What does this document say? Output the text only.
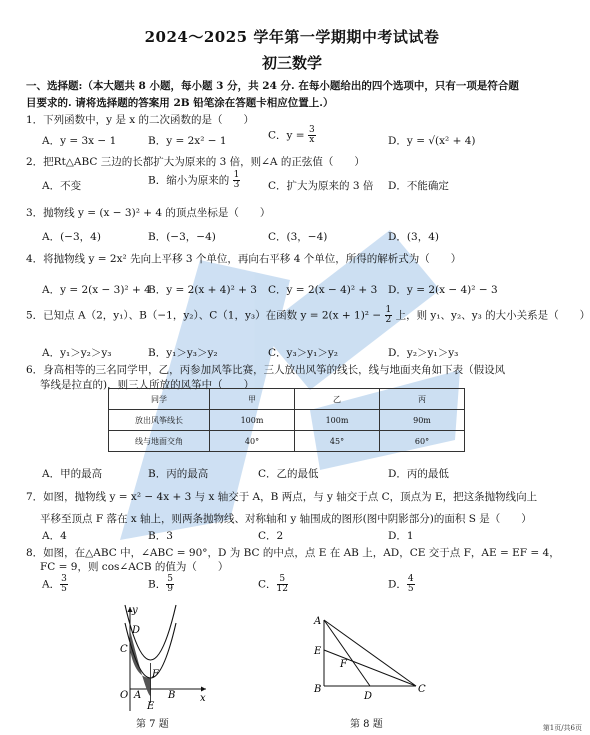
2024～2025 学年第一学期期中考试试卷
初三数学
一、选择题:（本大题共 8 小题，每小题 3 分，共 24 分. 在每小题给出的四个选项中，只有一项是符合题
目要求的. 请将选择题的答案用 2B 铅笔涂在答题卡相应位置上.）
1．下列函数中，y 是 x 的二次函数的是（　　）
A．y = 3x − 1	B．y = 2x² − 1	C．$y = \frac{3}{x}$	D．y = √(x² + 4)
2．把Rt△ABC 三边的长都扩大为原来的 3 倍，则∠A 的正弦值（　　）
A．不变	B．缩小为原来的 $\frac{1}{3}$	C．扩大为原来的 3 倍 D．不能确定
3．抛物线 y = (x − 3)² + 4 的顶点坐标是（　　）
A．(−3，4)	B．(−3，−4)	C．(3，−4)	D．(3，4)
4．将抛物线 y = 2x² 先向上平移 3 个单位，再向右平移 4 个单位，所得的解析式为（　　）
A．y = 2(x − 3)² + 4
B．y = 2(x + 4)² + 3 C．y = 2(x − 4)² + 3 D．y = 2(x − 4)² − 3
5．已知点 A（2，y₁）、B（−1，y₂）、C（1，y₃）在函数 $y = 2(x + 1)^2 - \frac{1}{2}$ 上，则 y₁、y₂、y₃ 的大小关系是（　　）
A．y₁＞y₂＞y₃	B．y₁＞y₃＞y₂	C．y₃＞y₁＞y₂	D．y₂＞y₁＞y₃
6．身高相等的三名同学甲，乙，丙参加风筝比赛，三人放出风筝的线长，线与地面夹角如下表（假设风
筝线是拉直的)，则三人所放的风筝中（　　）
同学	甲	乙	丙
放出风筝线长	100m	100m	90m
线与地面交角	40°	45°	60°
A．甲的最高	B．丙的最高	C．乙的最低	D．丙的最低
7．如图，抛物线 y = x² − 4x + 3 与 x 轴交于 A，B 两点，与 y 轴交于点 C，顶点为 E，把这条抛物线向上
平移至顶点 F 落在 x 轴上，则两条抛物线、对称轴和 y 轴围成的图形(图中阴影部分)的面积 S 是（　　）
A．4	B．3	C．2	D．1
8．如图，在△ABC 中，∠ABC = 90°，D 为 BC 的中点，点 E 在 AB 上，AD，CE 交于点 F，AE = EF = 4，
FC = 9，则 cos∠ACB 的值为（　　）
A． $\frac{3}{5}$	B． $\frac{5}{9}$	C． $\frac{5}{12}$	D． $\frac{4}{5}$
y
x
D
C
F
O A	B
E
第 7 题
A
E
F
B
D
C
第 8 题	第1页/共6页
